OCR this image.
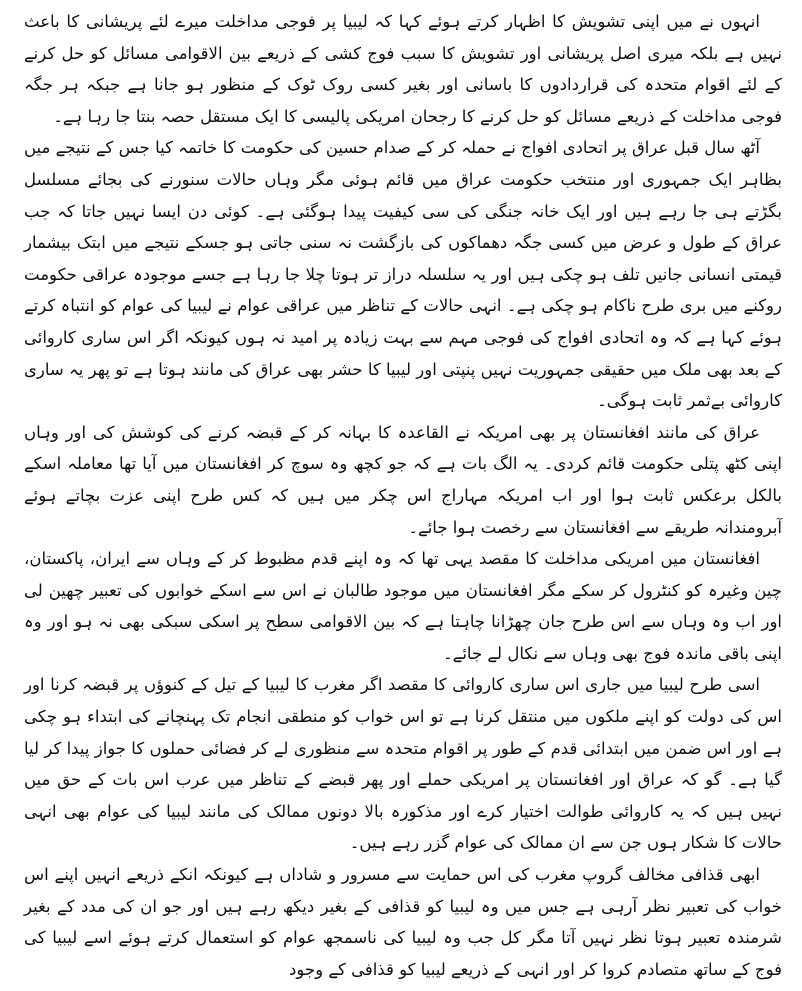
انہوں نے میں اپنی تشویش کا اظہار کرتے ہوئے کہا کہ لیبیا پر فوجی مداخلت میرے لئے پریشانی کا باعث نہیں ہے بلکہ میری اصل پریشانی اور تشویش کا سبب فوج کشی کے ذریعے بین الاقوامی مسائل کو حل کرنے کے لئے اقوام متحدہ کی قراردادوں کا باسانی اور بغیر کسی روک ٹوک کے منظور ہو جانا ہے جبکہ ہر جگہ فوجی مداخلت کے ذریعے مسائل کو حل کرنے کا رجحان امریکی پالیسی کا ایک مستقل حصہ بنتا جا رہا ہے۔

آٹھ سال قبل عراق پر اتحادی افواج نے حملہ کر کے صدام حسین کی حکومت کا خاتمہ کیا جس کے نتیجے میں بظاہر ایک جمہوری اور منتخب حکومت عراق میں قائم ہوئی مگر وہاں حالات سنورنے کی بجائے مسلسل بگڑتے ہی جا رہے ہیں اور ایک خانہ جنگی کی سی کیفیت پیدا ہوگئی ہے۔ کوئی دن ایسا نہیں جاتا کہ جب عراق کے طول و عرض میں کسی جگہ دھماکوں کی بازگشت نہ سنی جاتی ہو جسکے نتیجے میں ابتک بیشمار قیمتی انسانی جانیں تلف ہو چکی ہیں اور یہ سلسلہ دراز تر ہوتا چلا جا رہا ہے جسے موجودہ عراقی حکومت روکنے میں بری طرح ناکام ہو چکی ہے۔ انہی حالات کے تناظر میں عراقی عوام نے لیبیا کی عوام کو انتباہ کرتے ہوئے کہا ہے کہ وہ اتحادی افواج کی فوجی مہم سے بہت زیادہ پر امید نہ ہوں کیونکہ اگر اس ساری کاروائی کے بعد بھی ملک میں حقیقی جمہوریت نہیں پنپتی اور لیبیا کا حشر بھی عراق کی مانند ہوتا ہے تو پھر یہ ساری کاروائی بےثمر ثابت ہوگی۔

عراق کی مانند افغانستان پر بھی امریکہ نے القاعدہ کا بہانہ کر کے قبضہ کرنے کی کوشش کی اور وہاں اپنی کٹھ پتلی حکومت قائم کردی۔ یہ الگ بات ہے کہ جو کچھ وہ سوچ کر افغانستان میں آیا تھا معاملہ اسکے بالکل برعکس ثابت ہوا اور اب امریکہ مہاراج اس چکر میں ہیں کہ کس طرح اپنی عزت بچاتے ہوئے آبرومندانہ طریقے سے افغانستان سے رخصت ہوا جائے۔

افغانستان میں امریکی مداخلت کا مقصد یہی تھا کہ وہ اپنے قدم مظبوط کر کے وہاں سے ایران، پاکستان، چین وغیرہ کو کنٹرول کر سکے مگر افغانستان میں موجود طالبان نے اس سے اسکے خوابوں کی تعبیر چھین لی اور اب وہ وہاں سے اس طرح جان چھڑانا چاہتا ہے کہ بین الاقوامی سطح پر اسکی سبکی بھی نہ ہو اور وہ اپنی باقی ماندہ فوج بھی وہاں سے نکال لے جائے۔

اسی طرح لیبیا میں جاری اس ساری کاروائی کا مقصد اگر مغرب کا لیبیا کے تیل کے کنوؤں پر قبضہ کرنا اور اس کی دولت کو اپنے ملکوں میں منتقل کرنا ہے تو اس خواب کو منطقی انجام تک پہنچانے کی ابتداء ہو چکی ہے اور اس ضمن میں ابتدائی قدم کے طور پر اقوام متحدہ سے منظوری لے کر فضائی حملوں کا جواز پیدا کر لیا گیا ہے۔ گو کہ عراق اور افغانستان پر امریکی حملے اور پھر قبضے کے تناظر میں عرب اس بات کے حق میں نہیں ہیں کہ یہ کاروائی طوالت اختیار کرے اور مذکورہ بالا دونوں ممالک کی مانند لیبیا کی عوام بھی انہی حالات کا شکار ہوں جن سے ان ممالک کی عوام گزر رہے ہیں۔

ابھی قذافی مخالف گروپ مغرب کی اس حمایت سے مسرور و شاداں ہے کیونکہ انکے ذریعے انہیں اپنے اس خواب کی تعبیر نظر آرہی ہے جس میں وہ لیبیا کو قذافی کے بغیر دیکھ رہے ہیں اور جو ان کی مدد کے بغیر شرمندہ تعبیر ہوتا نظر نہیں آتا مگر کل جب وہ لیبیا کی ناسمجھ عوام کو استعمال کرتے ہوئے اسے لیبیا کی فوج کے ساتھ متصادم کروا کر اور انہی کے ذریعے لیبیا کو قذافی کے وجود
